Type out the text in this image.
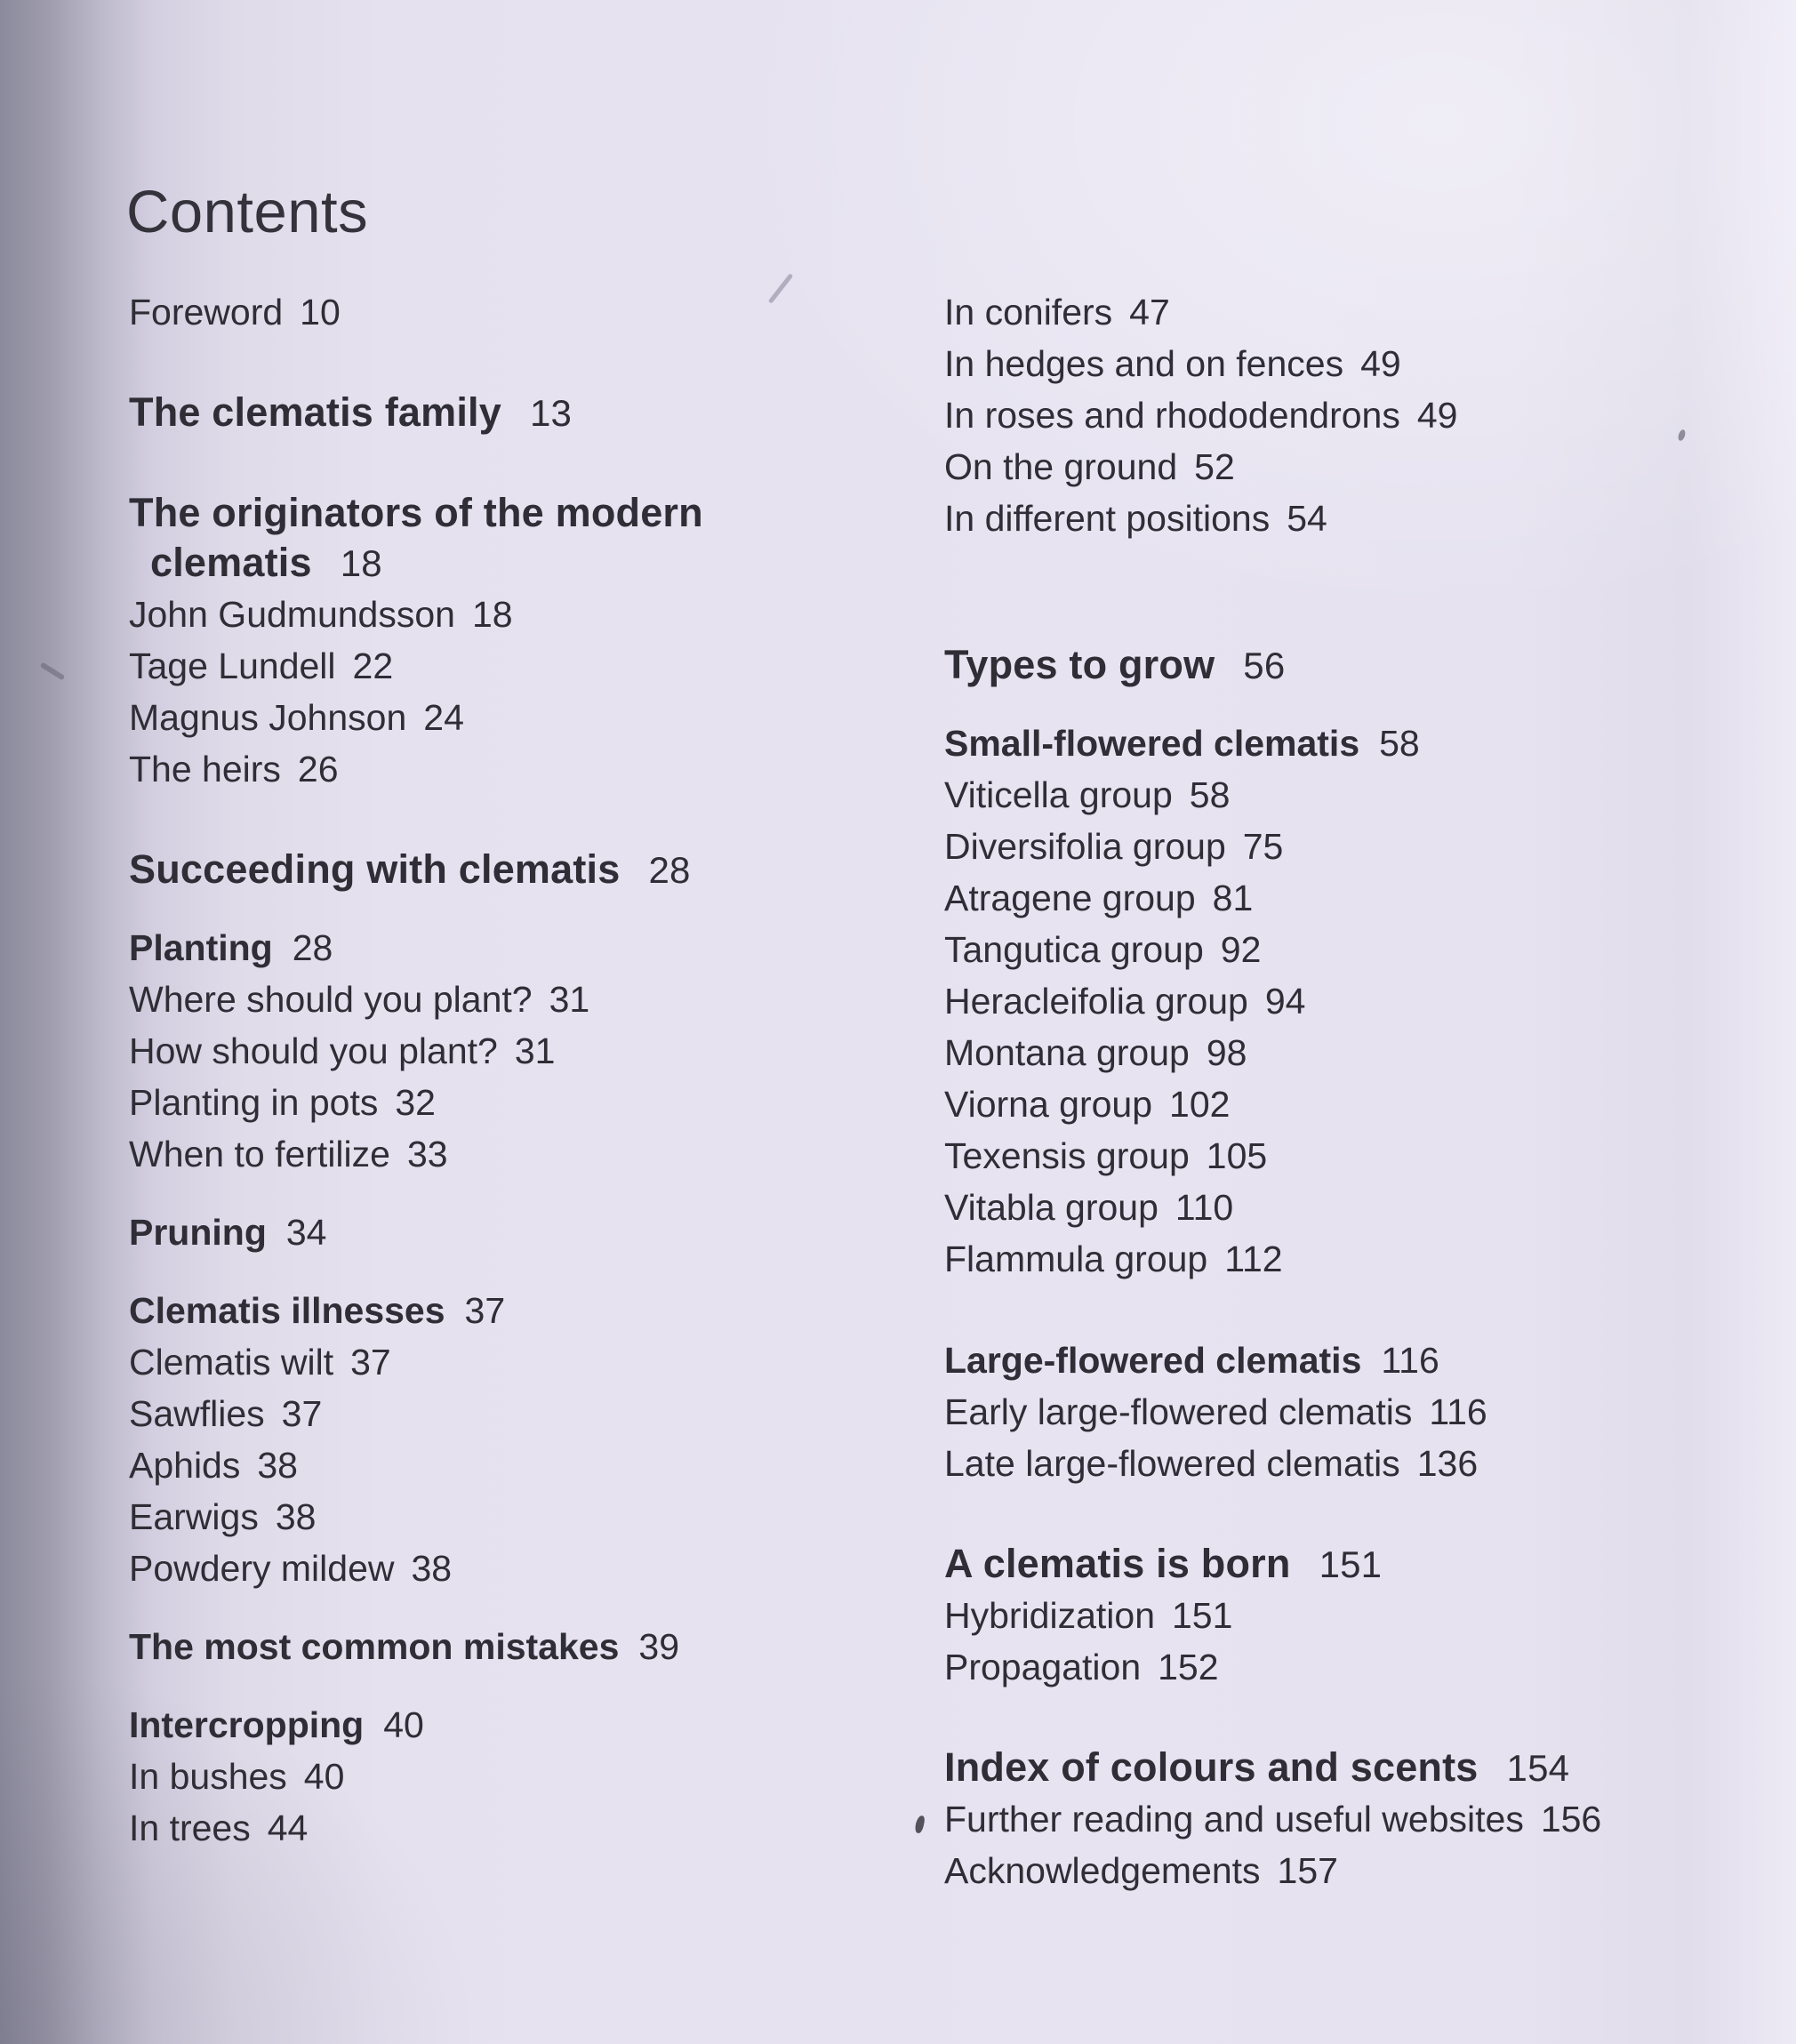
Contents
Foreword 10
The clematis family 13
The originators of the modern
clematis 18
John Gudmundsson 18
Tage Lundell 22
Magnus Johnson 24
The heirs 26
Succeeding with clematis 28
Planting 28
Where should you plant? 31
How should you plant? 31
Planting in pots 32
When to fertilize 33
Pruning 34
Clematis illnesses 37
Clematis wilt 37
Sawflies 37
Aphids 38
Earwigs 38
Powdery mildew 38
The most common mistakes 39
Intercropping 40
In bushes 40
In trees 44
In conifers 47
In hedges and on fences 49
In roses and rhododendrons 49
On the ground 52
In different positions 54
Types to grow 56
Small-flowered clematis 58
Viticella group 58
Diversifolia group 75
Atragene group 81
Tangutica group 92
Heracleifolia group 94
Montana group 98
Viorna group 102
Texensis group 105
Vitabla group 110
Flammula group 112
Large-flowered clematis 116
Early large-flowered clematis 116
Late large-flowered clematis 136
A clematis is born 151
Hybridization 151
Propagation 152
Index of colours and scents 154
Further reading and useful websites 156
Acknowledgements 157
